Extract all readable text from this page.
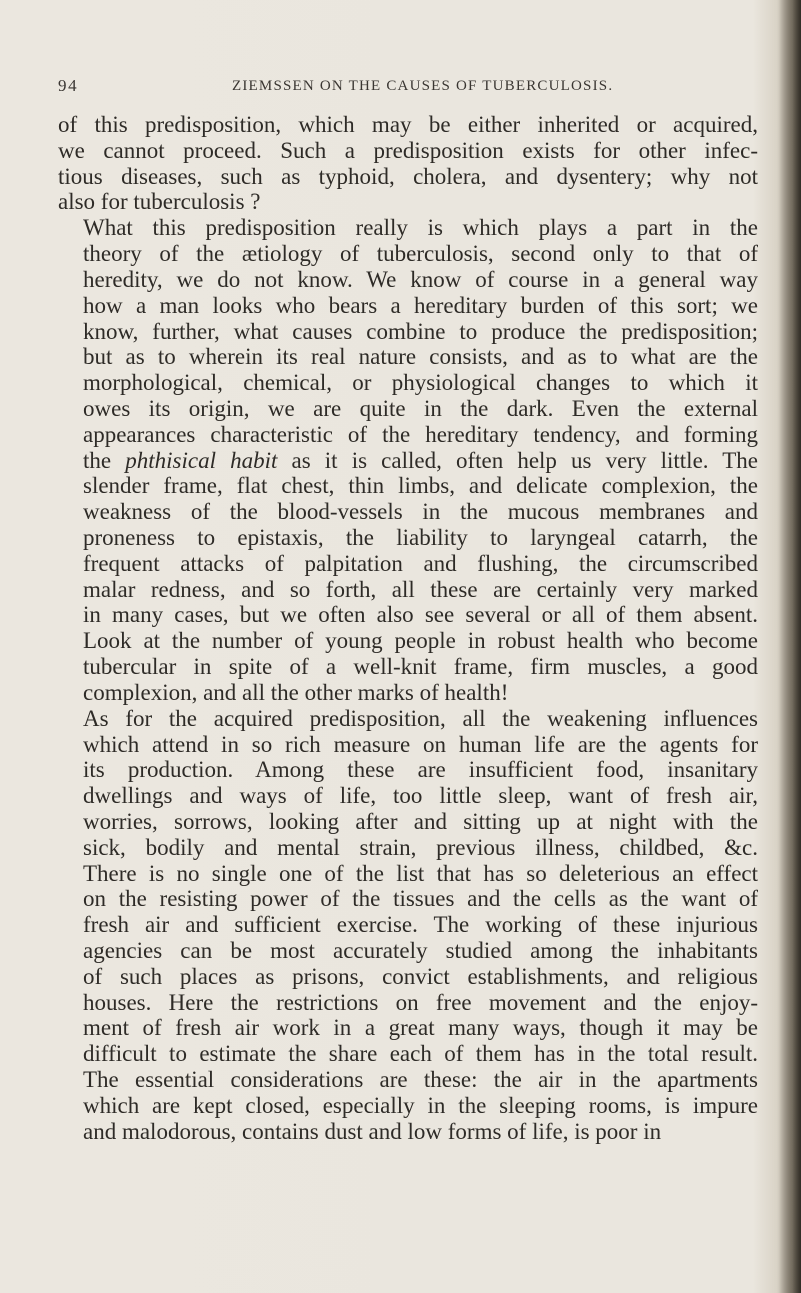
94	ZIEMSSEN ON THE CAUSES OF TUBERCULOSIS.

of this predisposition, which may be either inherited or acquired,
we cannot proceed. Such a predisposition exists for other infec-
tious diseases, such as typhoid, cholera, and dysentery; why not
also for tuberculosis ?

What this predisposition really is which plays a part in the
theory of the ætiology of tuberculosis, second only to that of
heredity, we do not know. We know of course in a general way
how a man looks who bears a hereditary burden of this sort; we
know, further, what causes combine to produce the predisposition;
but as to wherein its real nature consists, and as to what are the
morphological, chemical, or physiological changes to which it
owes its origin, we are quite in the dark. Even the external
appearances characteristic of the hereditary tendency, and forming
the phthisical habit as it is called, often help us very little. The
slender frame, flat chest, thin limbs, and delicate complexion, the
weakness of the blood-vessels in the mucous membranes and
proneness to epistaxis, the liability to laryngeal catarrh, the
frequent attacks of palpitation and flushing, the circumscribed
malar redness, and so forth, all these are certainly very marked
in many cases, but we often also see several or all of them absent.
Look at the number of young people in robust health who become
tubercular in spite of a well-knit frame, firm muscles, a good
complexion, and all the other marks of health!

As for the acquired predisposition, all the weakening influences
which attend in so rich measure on human life are the agents for
its production. Among these are insufficient food, insanitary
dwellings and ways of life, too little sleep, want of fresh air,
worries, sorrows, looking after and sitting up at night with the
sick, bodily and mental strain, previous illness, childbed, &c.
There is no single one of the list that has so deleterious an effect
on the resisting power of the tissues and the cells as the want of
fresh air and sufficient exercise. The working of these injurious
agencies can be most accurately studied among the inhabitants
of such places as prisons, convict establishments, and religious
houses. Here the restrictions on free movement and the enjoy-
ment of fresh air work in a great many ways, though it may be
difficult to estimate the share each of them has in the total result.
The essential considerations are these: the air in the apartments
which are kept closed, especially in the sleeping rooms, is impure
and malodorous, contains dust and low forms of life, is poor in
